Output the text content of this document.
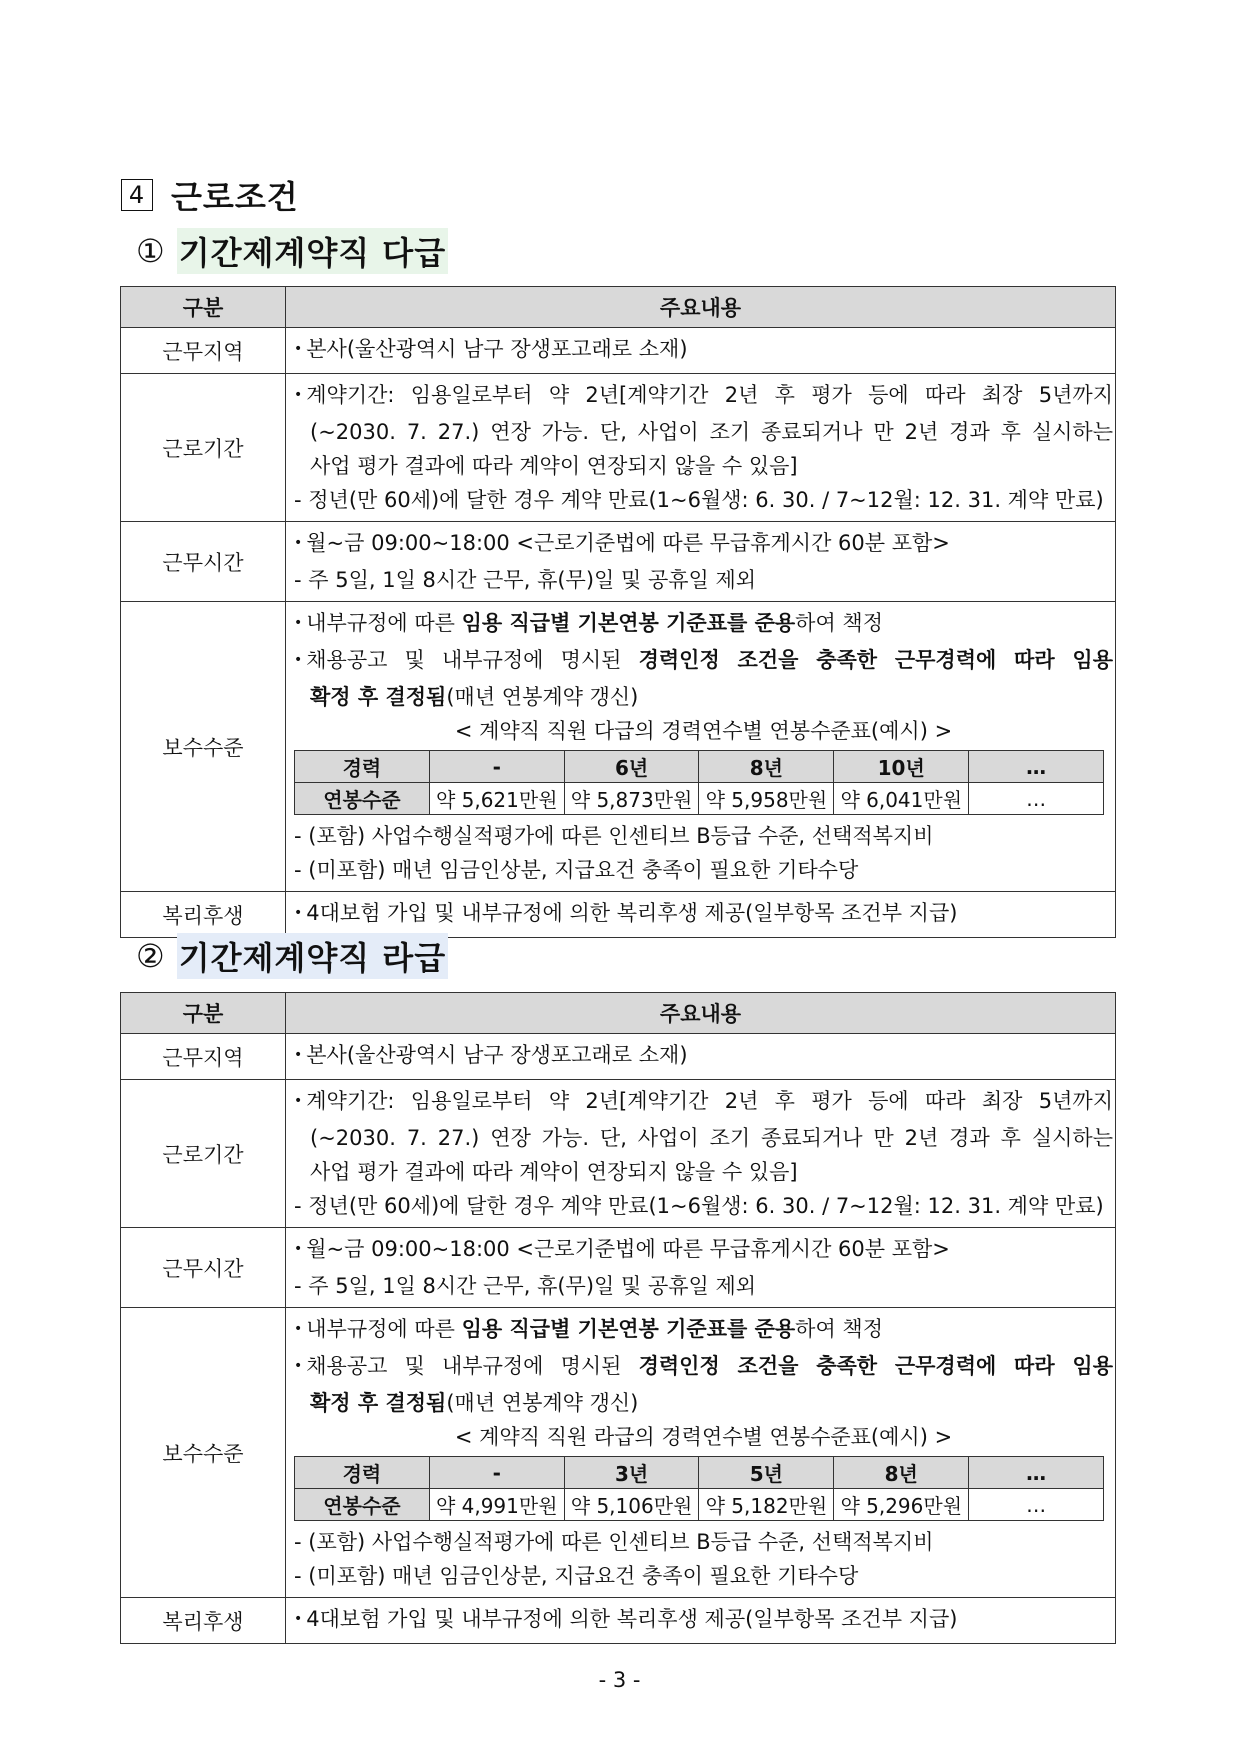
4 근로조건
① 기간제계약직 다급
구분	주요내용
근무지역	• 본사(울산광역시 남구 장생포고래로 소재)

근로기간	
• 계약기간: 임용일로부터 약 2년[계약기간 2년 후 평가 등에 따라 최장 5년까지
(~2030. 7. 27.) 연장 가능. 단, 사업이 조기 종료되거나 만 2년 경과 후 실시하는
사업 평가 결과에 따라 계약이 연장되지 않을 수 있음]
- 정년(만 60세)에 달한 경우 계약 만료(1~6월생: 6. 30. / 7~12월: 12. 31. 계약 만료)

근무시간	
• 월~금 09:00~18:00 <근로기준법에 따른 무급휴게시간 60분 포함>
- 주 5일, 1일 8시간 근무, 휴(무)일 및 공휴일 제외

보수수준	
• 내부규정에 따른 임용 직급별 기본연봉 기준표를 준용하여 책정
• 채용공고 및 내부규정에 명시된 경력인정 조건을 충족한 근무경력에 따라 임용
확정 후 결정됨(매년 연봉계약 갱신)
< 계약직 직원 다급의 경력연수별 연봉수준표(예시) >
경력	-	6년	8년	10년	…
연봉수준	약 5,621만원	약 5,873만원	약 5,958만원	약 6,041만원	…
- (포함) 사업수행실적평가에 따른 인센티브 B등급 수준, 선택적복지비
- (미포함) 매년 임금인상분, 지급요건 충족이 필요한 기타수당

복리후생	• 4대보험 가입 및 내부규정에 의한 복리후생 제공(일부항목 조건부 지급)
② 기간제계약직 라급
구분	주요내용
근무지역	• 본사(울산광역시 남구 장생포고래로 소재)

근로기간	
• 계약기간: 임용일로부터 약 2년[계약기간 2년 후 평가 등에 따라 최장 5년까지
(~2030. 7. 27.) 연장 가능. 단, 사업이 조기 종료되거나 만 2년 경과 후 실시하는
사업 평가 결과에 따라 계약이 연장되지 않을 수 있음]
- 정년(만 60세)에 달한 경우 계약 만료(1~6월생: 6. 30. / 7~12월: 12. 31. 계약 만료)

근무시간	
• 월~금 09:00~18:00 <근로기준법에 따른 무급휴게시간 60분 포함>
- 주 5일, 1일 8시간 근무, 휴(무)일 및 공휴일 제외

보수수준	
• 내부규정에 따른 임용 직급별 기본연봉 기준표를 준용하여 책정
• 채용공고 및 내부규정에 명시된 경력인정 조건을 충족한 근무경력에 따라 임용
확정 후 결정됨(매년 연봉계약 갱신)
< 계약직 직원 라급의 경력연수별 연봉수준표(예시) >
경력	-	3년	5년	8년	…
연봉수준	약 4,991만원	약 5,106만원	약 5,182만원	약 5,296만원	…
- (포함) 사업수행실적평가에 따른 인센티브 B등급 수준, 선택적복지비
- (미포함) 매년 임금인상분, 지급요건 충족이 필요한 기타수당

복리후생	• 4대보험 가입 및 내부규정에 의한 복리후생 제공(일부항목 조건부 지급)
- 3 -
